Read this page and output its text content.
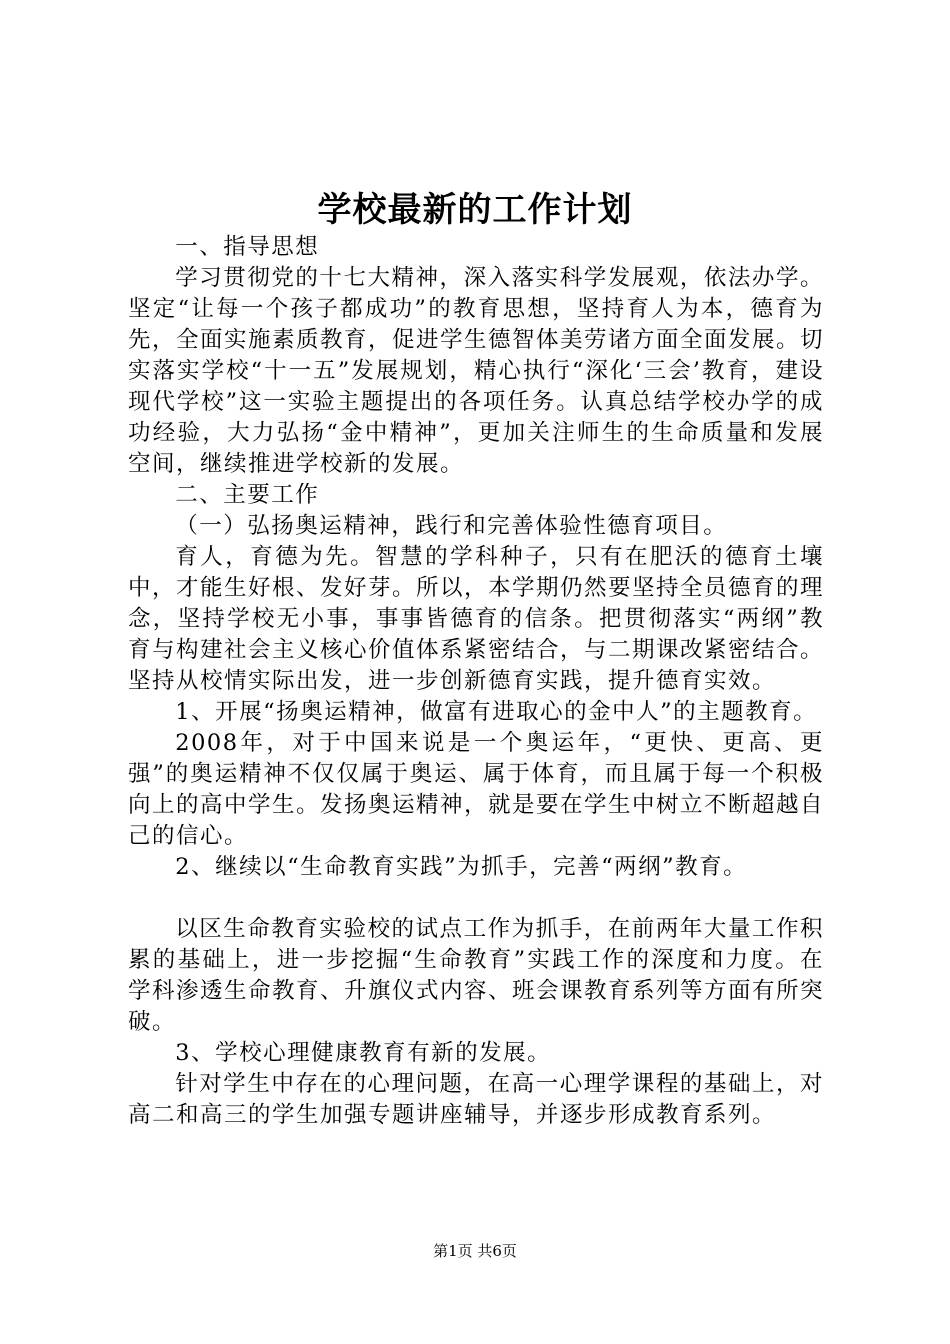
学校最新的工作计划

一、指导思想

学习贯彻党的十七大精神，深入落实科学发展观，依法办学。坚定“让每一个孩子都成功”的教育思想，坚持育人为本，德育为先，全面实施素质教育，促进学生德智体美劳诸方面全面发展。切实落实学校“十一五”发展规划，精心执行“深化‘三会’教育，建设现代学校”这一实验主题提出的各项任务。认真总结学校办学的成功经验，大力弘扬“金中精神”，更加关注师生的生命质量和发展空间，继续推进学校新的发展。

二、主要工作

（一）弘扬奥运精神，践行和完善体验性德育项目。

育人，育德为先。智慧的学科种子，只有在肥沃的德育土壤中，才能生好根、发好芽。所以，本学期仍然要坚持全员德育的理念，坚持学校无小事，事事皆德育的信条。把贯彻落实“两纲”教育与构建社会主义核心价值体系紧密结合，与二期课改紧密结合。坚持从校情实际出发，进一步创新德育实践，提升德育实效。

1、开展“扬奥运精神，做富有进取心的金中人”的主题教育。

2008年，对于中国来说是一个奥运年，“更快、更高、更强”的奥运精神不仅仅属于奥运、属于体育，而且属于每一个积极向上的高中学生。发扬奥运精神，就是要在学生中树立不断超越自己的信心。

2、继续以“生命教育实践”为抓手，完善“两纲”教育。

以区生命教育实验校的试点工作为抓手，在前两年大量工作积累的基础上，进一步挖掘“生命教育”实践工作的深度和力度。在学科渗透生命教育、升旗仪式内容、班会课教育系列等方面有所突破。

3、学校心理健康教育有新的发展。

针对学生中存在的心理问题，在高一心理学课程的基础上，对高二和高三的学生加强专题讲座辅导，并逐步形成教育系列。

第1页 共6页
